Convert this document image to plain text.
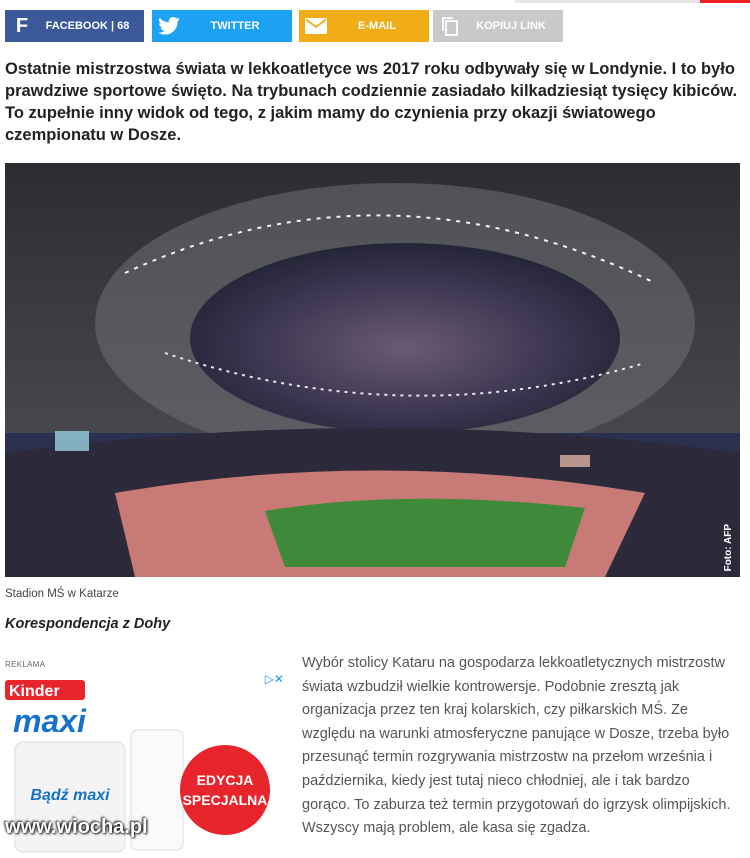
F	FACEBOOK | 68	TWITTER	E-MAIL	KOPIUJ LINK

Ostatnie mistrzostwa świata w lekkoatletyce ws 2017 roku odbywały się w Londynie. I to było prawdziwe sportowe święto. Na trybunach codziennie zasiadało kilkadziesiąt tysięcy kibiców. To zupełnie inny widok od tego, z jakim mamy do czynienia przy okazji światowego czempionatu w Dosze.

Foto: AFP
Stadion MŚ w Katarze
Korespondencja z Dohy
REKLAMA
▷✕
Kinder
maxi
EDYCJA
SPECJALNA
Bądź maxi

Wybór stolicy Kataru na gospodarza lekkoatletycznych mistrzostw świata wzbudził wielkie kontrowersje. Podobnie zresztą jak organizacja przez ten kraj kolarskich, czy piłkarskich MŚ. Ze względu na warunki atmosferyczne panujące w Dosze, trzeba było przesunąć termin rozgrywania mistrzostw na przełom września i października, kiedy jest tutaj nieco chłodniej, ale i tak bardzo gorąco. To zaburza też termin przygotowań do igrzysk olimpijskich. Wszyscy mają problem, ale kasa się zgadza.

www.wiocha.pl
